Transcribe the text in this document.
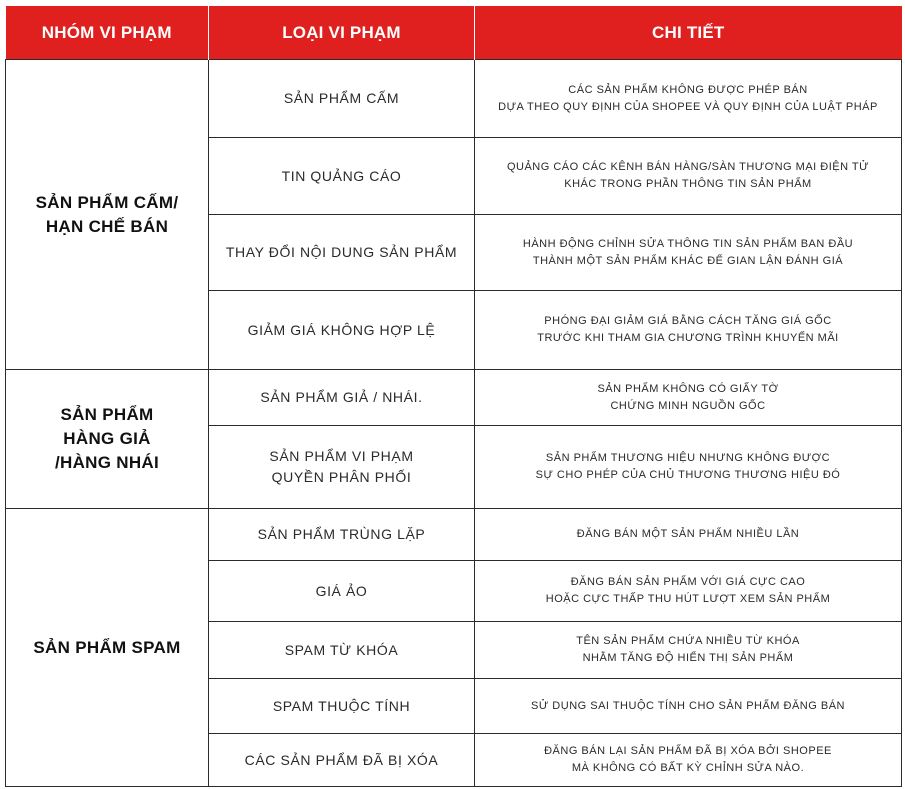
NHÓM VI PHẠM	LOẠI VI PHẠM	CHI TIẾT
SẢN PHẨM CẤM/
HẠN CHẾ BÁN	SẢN PHẨM CẤM	CÁC SẢN PHẨM KHÔNG ĐƯỢC PHÉP BÁN
DỰA THEO QUY ĐỊNH CỦA SHOPEE VÀ QUY ĐỊNH CỦA LUẬT PHÁP
	TIN QUẢNG CÁO	QUẢNG CÁO CÁC KÊNH BÁN HÀNG/SÀN THƯƠNG MẠI ĐIỆN TỬ
KHÁC TRONG PHẦN THÔNG TIN SẢN PHẨM
	THAY ĐỔI NỘI DUNG SẢN PHẨM	HÀNH ĐỘNG CHỈNH SỬA THÔNG TIN SẢN PHẨM BAN ĐẦU
THÀNH MỘT SẢN PHẨM KHÁC ĐỂ GIAN LẬN ĐÁNH GIÁ
	GIẢM GIÁ KHÔNG HỢP LỆ	PHÓNG ĐẠI GIẢM GIÁ BẰNG CÁCH TĂNG GIÁ GỐC
TRƯỚC KHI THAM GIA CHƯƠNG TRÌNH KHUYẾN MÃI
SẢN PHẨM
HÀNG GIẢ
/HÀNG NHÁI	SẢN PHẨM GIẢ / NHÁI.	SẢN PHẨM KHÔNG CÓ GIẤY TỜ
CHỨNG MINH NGUỒN GỐC
	SẢN PHẨM VI PHẠM
QUYỀN PHÂN PHỐI	SẢN PHẨM THƯƠNG HIỆU NHƯNG KHÔNG ĐƯỢC
SỰ CHO PHÉP CỦA CHỦ THƯƠNG THƯƠNG HIỆU ĐÓ
SẢN PHẨM SPAM	SẢN PHẨM TRÙNG LẶP	ĐĂNG BÁN MỘT SẢN PHẨM NHIỀU LẦN
	GIÁ ẢO	ĐĂNG BÁN SẢN PHẨM VỚI GIÁ CỰC CAO
HOẶC CỰC THẤP THU HÚT LƯỢT XEM SẢN PHẨM
	SPAM TỪ KHÓA	TÊN SẢN PHẨM CHỨA NHIỀU TỪ KHÓA
NHẰM TĂNG ĐỘ HIỂN THỊ SẢN PHẨM
	SPAM THUỘC TÍNH	SỬ DỤNG SAI THUỘC TÍNH CHO SẢN PHẨM ĐĂNG BÁN
	CÁC SẢN PHẨM ĐÃ BỊ XÓA	ĐĂNG BÁN LẠI SẢN PHẨM ĐÃ BỊ XÓA BỞI SHOPEE
MÀ KHÔNG CÓ BẤT KỲ CHỈNH SỬA NÀO.
